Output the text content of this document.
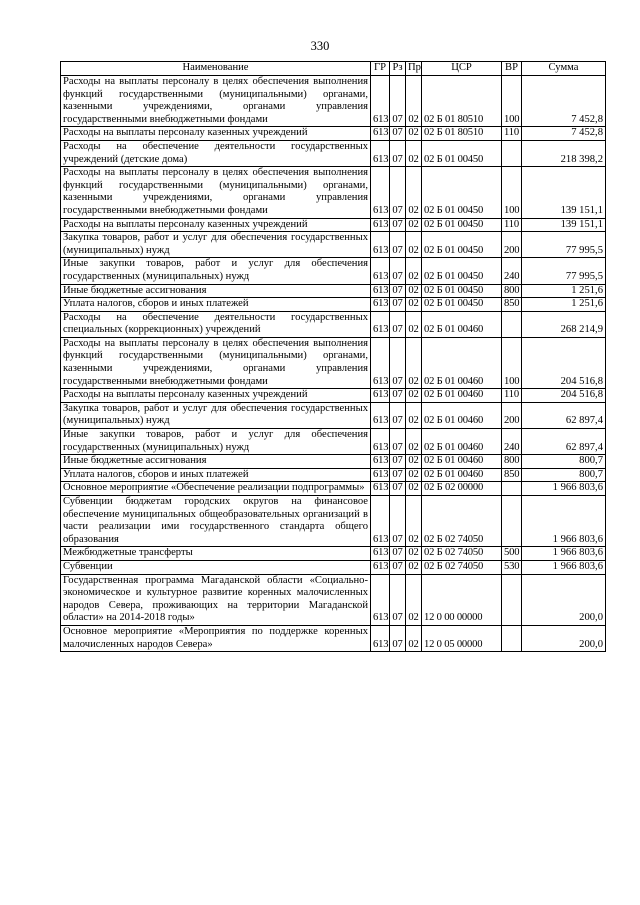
330
Наименование	ГР	Рз	Пр	ЦСР	ВР	Сумма
Расходы на выплаты персоналу в целях обеспечения выполнения функций государственными (муниципальными) органами, казенными учреждениями, органами управления государственными внебюджетными фондами	613	07	02	02 Б 01 80510	100	7 452,8
Расходы на выплаты персоналу казенных учреждений	613	07	02	02 Б 01 80510	110	7 452,8
Расходы на обеспечение деятельности государственных учреждений (детские дома)	613	07	02	02 Б 01 00450		218 398,2
Расходы на выплаты персоналу в целях обеспечения выполнения функций государственными (муниципальными) органами, казенными учреждениями, органами управления государственными внебюджетными фондами	613	07	02	02 Б 01 00450	100	139 151,1
Расходы на выплаты персоналу казенных учреждений	613	07	02	02 Б 01 00450	110	139 151,1
Закупка товаров, работ и услуг для обеспечения государственных (муниципальных) нужд	613	07	02	02 Б 01 00450	200	77 995,5
Иные закупки товаров, работ и услуг для обеспечения государственных (муниципальных) нужд	613	07	02	02 Б 01 00450	240	77 995,5
Иные бюджетные ассигнования	613	07	02	02 Б 01 00450	800	1 251,6
Уплата налогов, сборов и иных платежей	613	07	02	02 Б 01 00450	850	1 251,6
Расходы на обеспечение деятельности государственных специальных (коррекционных) учреждений	613	07	02	02 Б 01 00460		268 214,9
Расходы на выплаты персоналу в целях обеспечения выполнения функций государственными (муниципальными) органами, казенными учреждениями, органами управления государственными внебюджетными фондами	613	07	02	02 Б 01 00460	100	204 516,8
Расходы на выплаты персоналу казенных учреждений	613	07	02	02 Б 01 00460	110	204 516,8
Закупка товаров, работ и услуг для обеспечения государственных (муниципальных) нужд	613	07	02	02 Б 01 00460	200	62 897,4
Иные закупки товаров, работ и услуг для обеспечения государственных (муниципальных) нужд	613	07	02	02 Б 01 00460	240	62 897,4
Иные бюджетные ассигнования	613	07	02	02 Б 01 00460	800	800,7
Уплата налогов, сборов и иных платежей	613	07	02	02 Б 01 00460	850	800,7
Основное мероприятие «Обеспечение реализации подпрограммы»	613	07	02	02 Б 02 00000		1 966 803,6
Субвенции бюджетам городских округов на финансовое обеспечение муниципальных общеобразовательных организаций в части реализации ими государственного стандарта общего образования	613	07	02	02 Б 02 74050		1 966 803,6
Межбюджетные трансферты	613	07	02	02 Б 02 74050	500	1 966 803,6
Субвенции	613	07	02	02 Б 02 74050	530	1 966 803,6
Государственная программа Магаданской области «Социально-экономическое и культурное развитие коренных малочисленных народов Севера, проживающих на территории Магаданской области» на 2014-2018 годы»	613	07	02	12 0 00 00000		200,0
Основное мероприятие «Мероприятия по поддержке коренных малочисленных народов Севера»	613	07	02	12 0 05 00000		200,0
